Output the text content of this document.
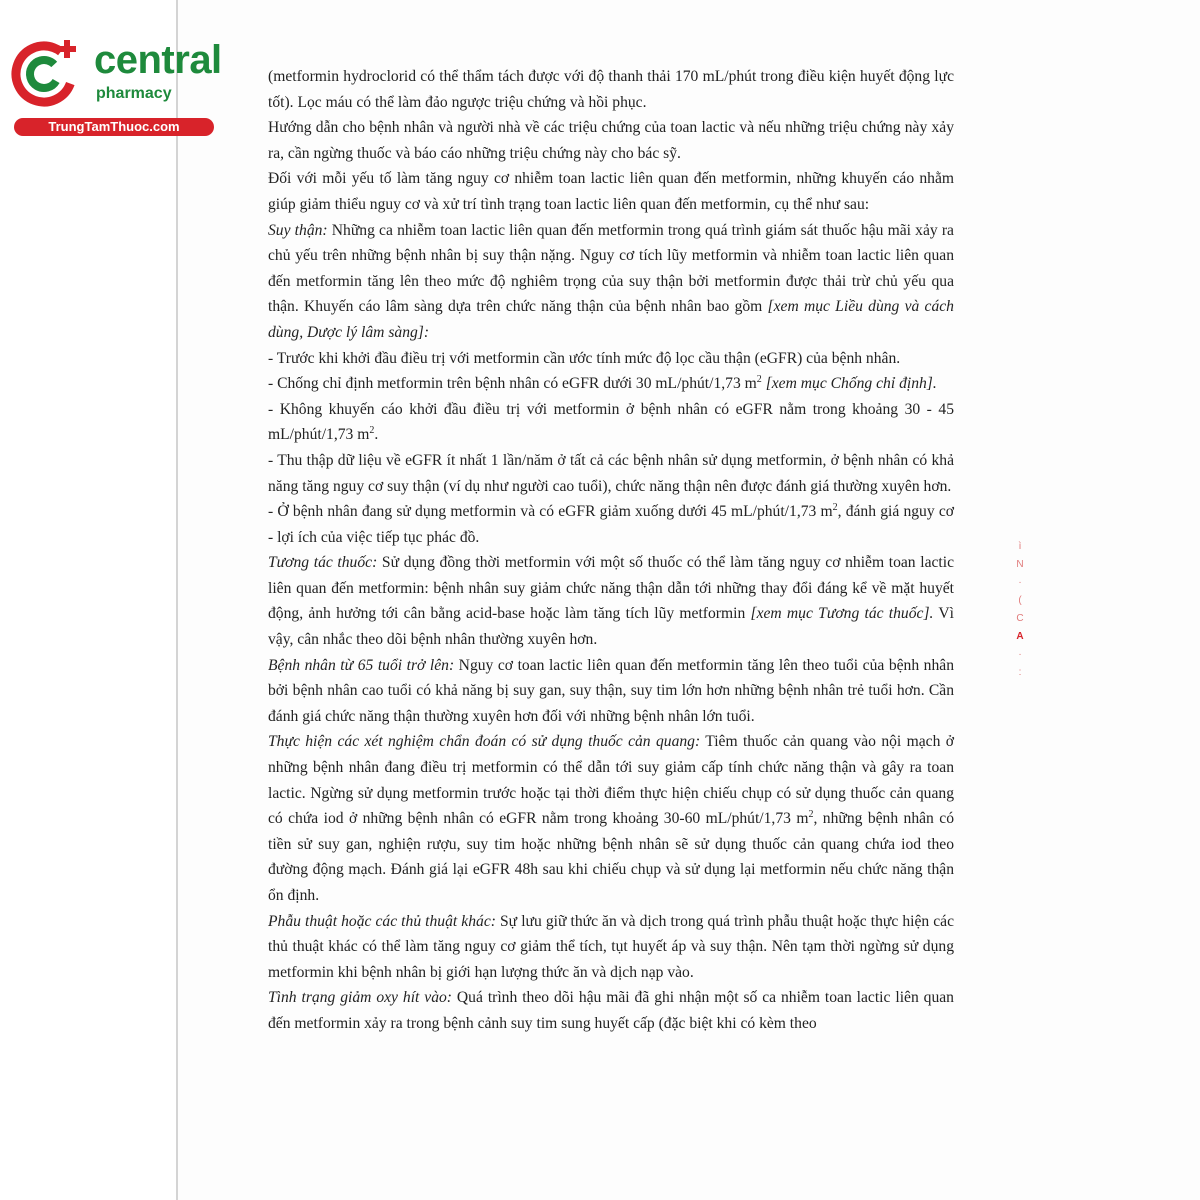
central
pharmacy
TrungTamThuoc.com

(metformin hydroclorid có thể thẩm tách được với độ thanh thải 170 mL/phút trong điều kiện huyết động lực tốt). Lọc máu có thể làm đảo ngược triệu chứng và hồi phục.

Hướng dẫn cho bệnh nhân và người nhà về các triệu chứng của toan lactic và nếu những triệu chứng này xảy ra, cần ngừng thuốc và báo cáo những triệu chứng này cho bác sỹ.

Đối với mỗi yếu tố làm tăng nguy cơ nhiễm toan lactic liên quan đến metformin, những khuyến cáo nhằm giúp giảm thiểu nguy cơ và xử trí tình trạng toan lactic liên quan đến metformin, cụ thể như sau:

Suy thận: Những ca nhiễm toan lactic liên quan đến metformin trong quá trình giám sát thuốc hậu mãi xảy ra chủ yếu trên những bệnh nhân bị suy thận nặng. Nguy cơ tích lũy metformin và nhiễm toan lactic liên quan đến metformin tăng lên theo mức độ nghiêm trọng của suy thận bởi metformin được thải trừ chủ yếu qua thận. Khuyến cáo lâm sàng dựa trên chức năng thận của bệnh nhân bao gồm [xem mục Liều dùng và cách dùng, Dược lý lâm sàng]:

- Trước khi khởi đầu điều trị với metformin cần ước tính mức độ lọc cầu thận (eGFR) của bệnh nhân.

- Chống chỉ định metformin trên bệnh nhân có eGFR dưới 30 mL/phút/1,73 $m^2$ [xem mục Chống chỉ định].

- Không khuyến cáo khởi đầu điều trị với metformin ở bệnh nhân có eGFR nằm trong khoảng 30 - 45 mL/phút/1,73 $m^2$.

- Thu thập dữ liệu về eGFR ít nhất 1 lần/năm ở tất cả các bệnh nhân sử dụng metformin, ở bệnh nhân có khả năng tăng nguy cơ suy thận (ví dụ như người cao tuổi), chức năng thận nên được đánh giá thường xuyên hơn.

- Ở bệnh nhân đang sử dụng metformin và có eGFR giảm xuống dưới 45 mL/phút/1,73 $m^2$, đánh giá nguy cơ - lợi ích của việc tiếp tục phác đồ.

Tương tác thuốc: Sử dụng đồng thời metformin với một số thuốc có thể làm tăng nguy cơ nhiễm toan lactic liên quan đến metformin: bệnh nhân suy giảm chức năng thận dẫn tới những thay đổi đáng kể về mặt huyết động, ảnh hưởng tới cân bằng acid-base hoặc làm tăng tích lũy metformin [xem mục Tương tác thuốc]. Vì vậy, cân nhắc theo dõi bệnh nhân thường xuyên hơn.

Bệnh nhân từ 65 tuổi trở lên: Nguy cơ toan lactic liên quan đến metformin tăng lên theo tuổi của bệnh nhân bởi bệnh nhân cao tuổi có khả năng bị suy gan, suy thận, suy tim lớn hơn những bệnh nhân trẻ tuổi hơn. Cần đánh giá chức năng thận thường xuyên hơn đối với những bệnh nhân lớn tuổi.

Thực hiện các xét nghiệm chẩn đoán có sử dụng thuốc cản quang: Tiêm thuốc cản quang vào nội mạch ở những bệnh nhân đang điều trị metformin có thể dẫn tới suy giảm cấp tính chức năng thận và gây ra toan lactic. Ngừng sử dụng metformin trước hoặc tại thời điểm thực hiện chiếu chụp có sử dụng thuốc cản quang có chứa iod ở những bệnh nhân có eGFR nằm trong khoảng 30-60 mL/phút/1,73 $m^2$, những bệnh nhân có tiền sử suy gan, nghiện rượu, suy tim hoặc những bệnh nhân sẽ sử dụng thuốc cản quang chứa iod theo đường động mạch. Đánh giá lại eGFR 48h sau khi chiếu chụp và sử dụng lại metformin nếu chức năng thận ổn định.

Phẫu thuật hoặc các thủ thuật khác: Sự lưu giữ thức ăn và dịch trong quá trình phẫu thuật hoặc thực hiện các thủ thuật khác có thể làm tăng nguy cơ giảm thể tích, tụt huyết áp và suy thận. Nên tạm thời ngừng sử dụng metformin khi bệnh nhân bị giới hạn lượng thức ăn và dịch nạp vào.

Tình trạng giảm oxy hít vào: Quá trình theo dõi hậu mãi đã ghi nhận một số ca nhiễm toan lactic liên quan đến metformin xảy ra trong bệnh cảnh suy tim sung huyết cấp (đặc biệt khi có kèm theo

ì
N
·
(
C
A
·
:
